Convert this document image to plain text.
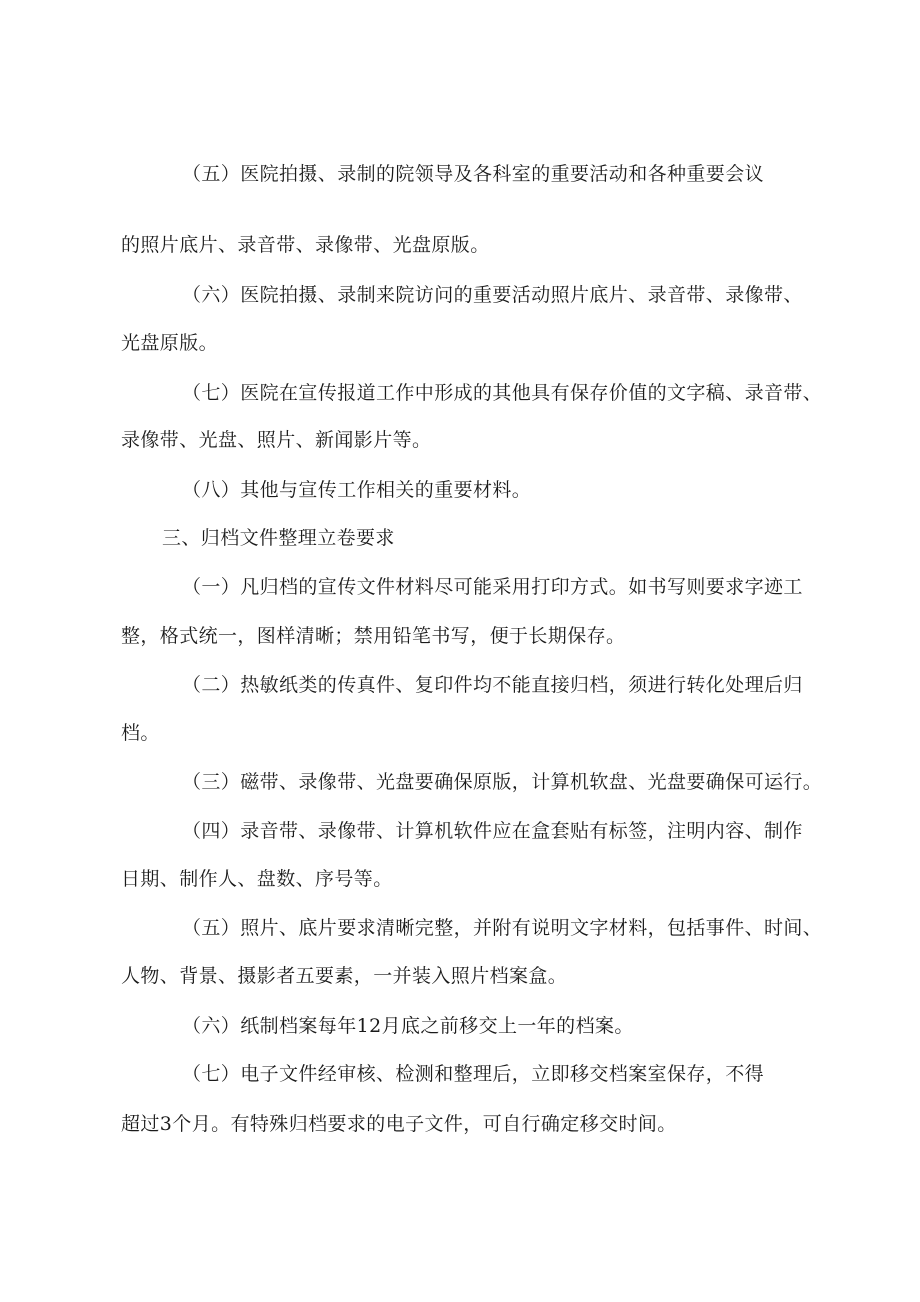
（五）医院拍摄、录制的院领导及各科室的重要活动和各种重要会议
的照片底片、录音带、录像带、光盘原版。
（六）医院拍摄、录制来院访问的重要活动照片底片、录音带、录像带、
光盘原版。
（七）医院在宣传报道工作中形成的其他具有保存价值的文字稿、录音带、
录像带、光盘、照片、新闻影片等。
（八）其他与宣传工作相关的重要材料。
三、归档文件整理立卷要求
（一）凡归档的宣传文件材料尽可能采用打印方式。如书写则要求字迹工
整，格式统一，图样清晰；禁用铅笔书写，便于长期保存。
（二）热敏纸类的传真件、复印件均不能直接归档，须进行转化处理后归
档。
（三）磁带、录像带、光盘要确保原版，计算机软盘、光盘要确保可运行。
（四）录音带、录像带、计算机软件应在盒套贴有标签，注明内容、制作
日期、制作人、盘数、序号等。
（五）照片、底片要求清晰完整，并附有说明文字材料，包括事件、时间、
人物、背景、摄影者五要素，一并装入照片档案盒。
（六）纸制档案每年12月底之前移交上一年的档案。
（七）电子文件经审核、检测和整理后，立即移交档案室保存，不得
超过3个月。有特殊归档要求的电子文件，可自行确定移交时间。
